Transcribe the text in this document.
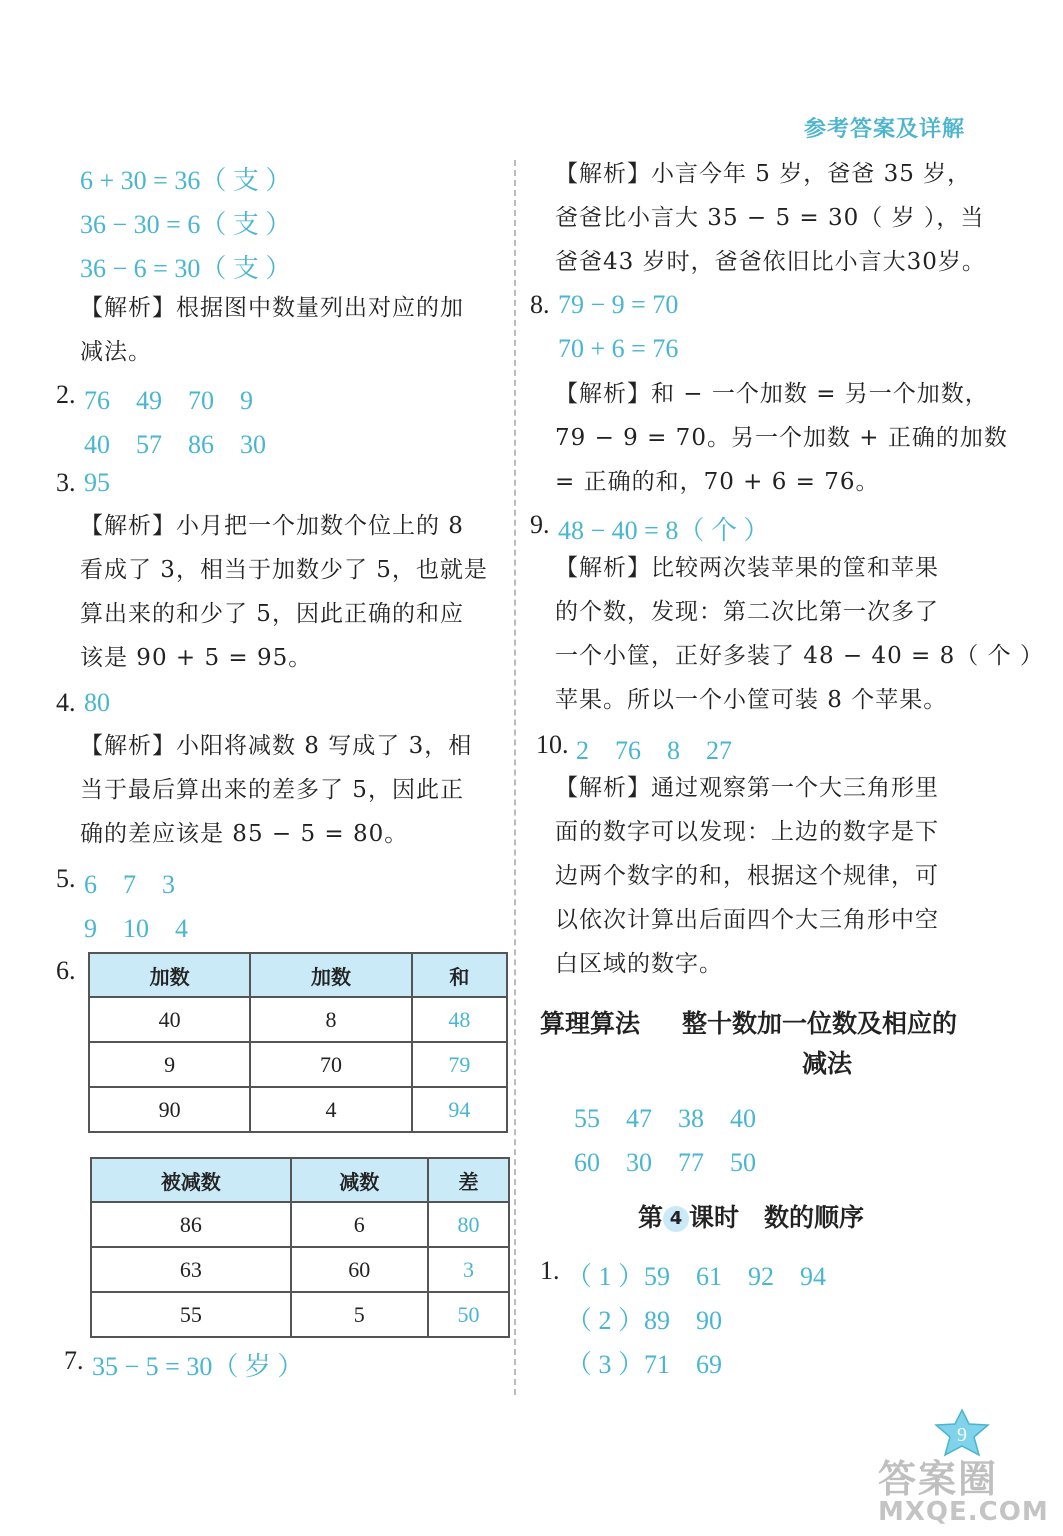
参考答案及详解
6 + 30 = 36（ 支 ）
36 − 30 = 6（ 支 ）
36 − 6 = 30（ 支 ）
【解析】根据图中数量列出对应的加
减法。
2. 76　49　70　9
40　57　86　30
3. 95
【解析】小月把一个加数个位上的 8
看成了 3，相当于加数少了 5，也就是
算出来的和少了 5，因此正确的和应
该是 90 + 5 = 95。
4. 80
【解析】小阳将减数 8 写成了 3，相
当于最后算出来的差多了 5，因此正
确的差应该是 85 − 5 = 80。
5. 6　7　3
9　10　4
6.	加数	加数	和
40	8	48
9	70	79
90	4	94
被减数	减数	差
86	6	80
63	60	3
55	5	50
7. 35 − 5 = 30（ 岁 ）
【解析】小言今年 5 岁，爸爸 35 岁，
爸爸比小言大 35 − 5 = 30（ 岁 ），当
爸爸43 岁时，爸爸依旧比小言大30岁。
8. 79 − 9 = 70
70 + 6 = 76
【解析】和 − 一个加数 = 另一个加数，
79 − 9 = 70。另一个加数 + 正确的加数
= 正确的和，70 + 6 = 76。
9. 48 − 40 = 8（ 个 ）
【解析】比较两次装苹果的筐和苹果
的个数，发现：第二次比第一次多了
一个小筐，正好多装了 48 − 40 = 8（ 个 ）
苹果。所以一个小筐可装 8 个苹果。
10. 2　76　8　27
【解析】通过观察第一个大三角形里
面的数字可以发现：上边的数字是下
边两个数字的和，根据这个规律，可
以依次计算出后面四个大三角形中空
白区域的数字。
算理算法 整十数加一位数及相应的
减法
55　47　38　40
60　30　77　50
第 4 课时　数的顺序
1. （ 1 ）59　61　92　94
（ 2 ）89　90
（ 3 ）71　69
9
答案圈
MXQE.COM
